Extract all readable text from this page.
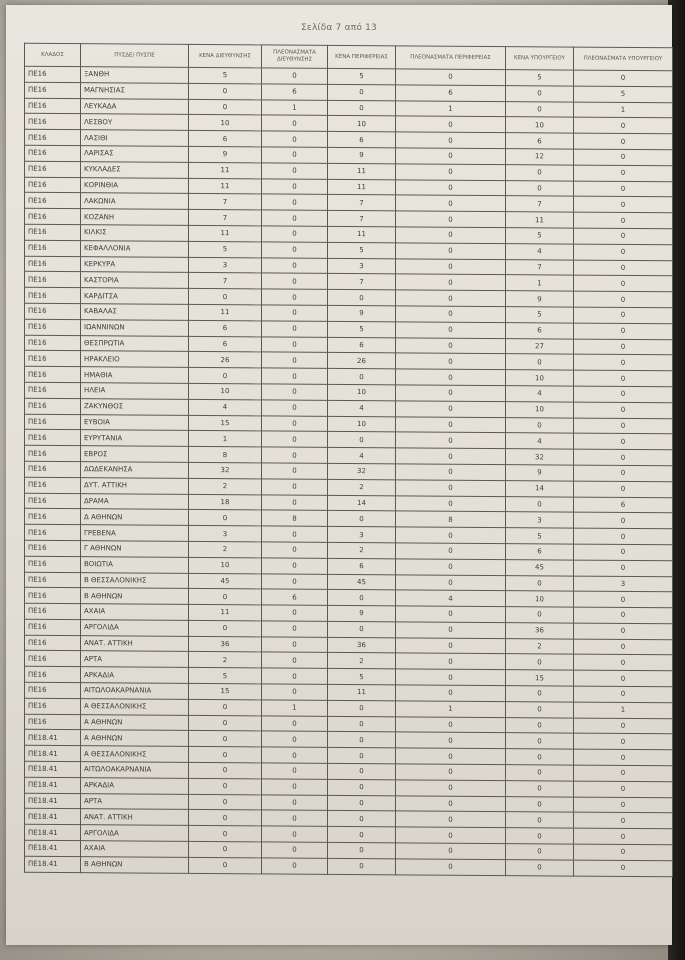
Σελίδα 7 από 13
ΚΛΑΔΟΣ	ΠΥΣΔΕ/ ΠΥΣΠΕ	ΚΕΝΑ ΔΙΕΥΘΥΝΣΗΣ	ΠΛΕΟΝΑΣΜΑΤΑ ΔΙΕΥΘΥΝΣΗΣ	ΚΕΝΑ ΠΕΡΙΦΕΡΕΙΑΣ	ΠΛΕΟΝΑΣΜΑΤΑ ΠΕΡΙΦΕΡΕΙΑΣ	ΚΕΝΑ ΥΠΟΥΡΓΕΙΟΥ	ΠΛΕΟΝΑΣΜΑΤΑ ΥΠΟΥΡΓΕΙΟΥ
ΠΕ16	ΞΑΝΘΗ	5	0	5	0	5	0
ΠΕ16	ΜΑΓΝΗΣΙΑΣ	0	6	0	6	0	5
ΠΕ16	ΛΕΥΚΑΔΑ	0	1	0	1	0	1
ΠΕ16	ΛΕΣΒΟΥ	10	0	10	0	10	0
ΠΕ16	ΛΑΣΙΘΙ	6	0	6	0	6	0
ΠΕ16	ΛΑΡΙΣΑΣ	9	0	9	0	12	0
ΠΕ16	ΚΥΚΛΑΔΕΣ	11	0	11	0	0	0
ΠΕ16	ΚΟΡΙΝΘΙΑ	11	0	11	0	0	0
ΠΕ16	ΛΑΚΩΝΙΑ	7	0	7	0	7	0
ΠΕ16	ΚΟΖΑΝΗ	7	0	7	0	11	0
ΠΕ16	ΚΙΛΚΙΣ	11	0	11	0	5	0
ΠΕ16	ΚΕΦΑΛΛΟΝΙΑ	5	0	5	0	4	0
ΠΕ16	ΚΕΡΚΥΡΑ	3	0	3	0	7	0
ΠΕ16	ΚΑΣΤΟΡΙΑ	7	0	7	0	1	0
ΠΕ16	ΚΑΡΔΙΤΣΑ	0	0	0	0	9	0
ΠΕ16	ΚΑΒΑΛΑΣ	11	0	9	0	5	0
ΠΕ16	ΙΩΑΝΝΙΝΩΝ	6	0	5	0	6	0
ΠΕ16	ΘΕΣΠΡΩΤΙΑ	6	0	6	0	27	0
ΠΕ16	ΗΡΑΚΛΕΙΟ	26	0	26	0	0	0
ΠΕ16	ΗΜΑΘΙΑ	0	0	0	0	10	0
ΠΕ16	ΗΛΕΙΑ	10	0	10	0	4	0
ΠΕ16	ΖΑΚΥΝΘΟΣ	4	0	4	0	10	0
ΠΕ16	ΕΥΒΟΙΑ	15	0	10	0	0	0
ΠΕ16	ΕΥΡΥΤΑΝΙΑ	1	0	0	0	4	0
ΠΕ16	ΕΒΡΟΣ	8	0	4	0	32	0
ΠΕ16	ΔΩΔΕΚΑΝΗΣΑ	32	0	32	0	9	0
ΠΕ16	ΔΥΤ. ΑΤΤΙΚΗ	2	0	2	0	14	0
ΠΕ16	ΔΡΑΜΑ	18	0	14	0	0	6
ΠΕ16	Δ ΑΘΗΝΩΝ	0	8	0	8	3	0
ΠΕ16	ΓΡΕΒΕΝΑ	3	0	3	0	5	0
ΠΕ16	Γ ΑΘΗΝΩΝ	2	0	2	0	6	0
ΠΕ16	ΒΟΙΩΤΙΑ	10	0	6	0	45	0
ΠΕ16	Β ΘΕΣΣΑΛΟΝΙΚΗΣ	45	0	45	0	0	3
ΠΕ16	Β ΑΘΗΝΩΝ	0	6	0	4	10	0
ΠΕ16	ΑΧΑΙΑ	11	0	9	0	0	0
ΠΕ16	ΑΡΓΟΛΙΔΑ	0	0	0	0	36	0
ΠΕ16	ΑΝΑΤ. ΑΤΤΙΚΗ	36	0	36	0	2	0
ΠΕ16	ΑΡΤΑ	2	0	2	0	0	0
ΠΕ16	ΑΡΚΑΔΙΑ	5	0	5	0	15	0
ΠΕ16	ΑΙΤΩΛΟΑΚΑΡΝΑΝΙΑ	15	0	11	0	0	0
ΠΕ16	Α ΘΕΣΣΑΛΟΝΙΚΗΣ	0	1	0	1	0	1
ΠΕ16	Α ΑΘΗΝΩΝ	0	0	0	0	0	0
ΠΕ18.41	Α ΑΘΗΝΩΝ	0	0	0	0	0	0
ΠΕ18.41	Α ΘΕΣΣΑΛΟΝΙΚΗΣ	0	0	0	0	0	0
ΠΕ18.41	ΑΙΤΩΛΟΑΚΑΡΝΑΝΙΑ	0	0	0	0	0	0
ΠΕ18.41	ΑΡΚΑΔΙΑ	0	0	0	0	0	0
ΠΕ18.41	ΑΡΤΑ	0	0	0	0	0	0
ΠΕ18.41	ΑΝΑΤ. ΑΤΤΙΚΗ	0	0	0	0	0	0
ΠΕ18.41	ΑΡΓΟΛΙΔΑ	0	0	0	0	0	0
ΠΕ18.41	ΑΧΑΙΑ	0	0	0	0	0	0
ΠΕ18.41	Β ΑΘΗΝΩΝ	0	0	0	0	0	0
